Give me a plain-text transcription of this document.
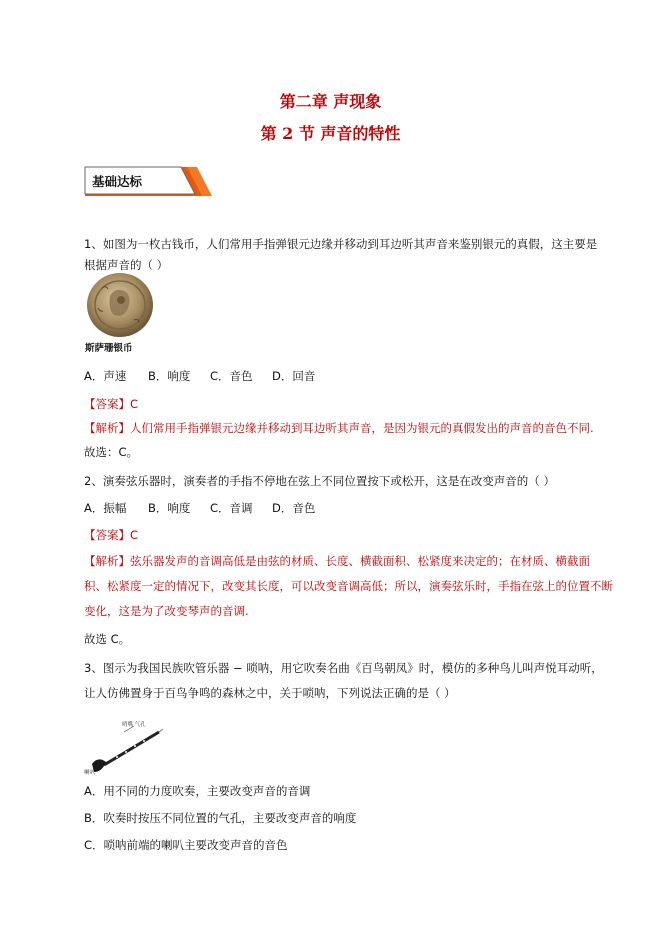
第二章 声现象
第 2 节 声音的特性
基础达标
1、如图为一枚古钱币，人们常用手指弹银元边缘并移动到耳边听其声音来鉴别银元的真假，这主要是
根据声音的（ ）
斯萨珊银币
A．声速 B．响度 C．音色 D．回音
【答案】C
【解析】人们常用手指弹银元边缘并移动到耳边听其声音，是因为银元的真假发出的声音的音色不同.
故选：C。
2、演奏弦乐器时，演奏者的手指不停地在弦上不同位置按下或松开，这是在改变声音的（ ）
A．振幅 B．响度 C．音调 D．音色
【答案】C
【解析】弦乐器发声的音调高低是由弦的材质、长度、横截面积、松紧度来决定的；在材质、横截面
积、松紧度一定的情况下，改变其长度，可以改变音调高低；所以，演奏弦乐时，手指在弦上的位置不断
变化，这是为了改变琴声的音调.
故选 C。
3、图示为我国民族吹管乐器 − 唢呐，用它吹奏名曲《百鸟朝凤》时，模仿的多种鸟儿叫声悦耳动听，
让人仿佛置身于百鸟争鸣的森林之中，关于唢呐，下列说法正确的是（ ）
哨嘴 气孔
喇叭
A．用不同的力度吹奏，主要改变声音的音调
B．吹奏时按压不同位置的气孔，主要改变声音的响度
C．唢呐前端的喇叭主要改变声音的音色
